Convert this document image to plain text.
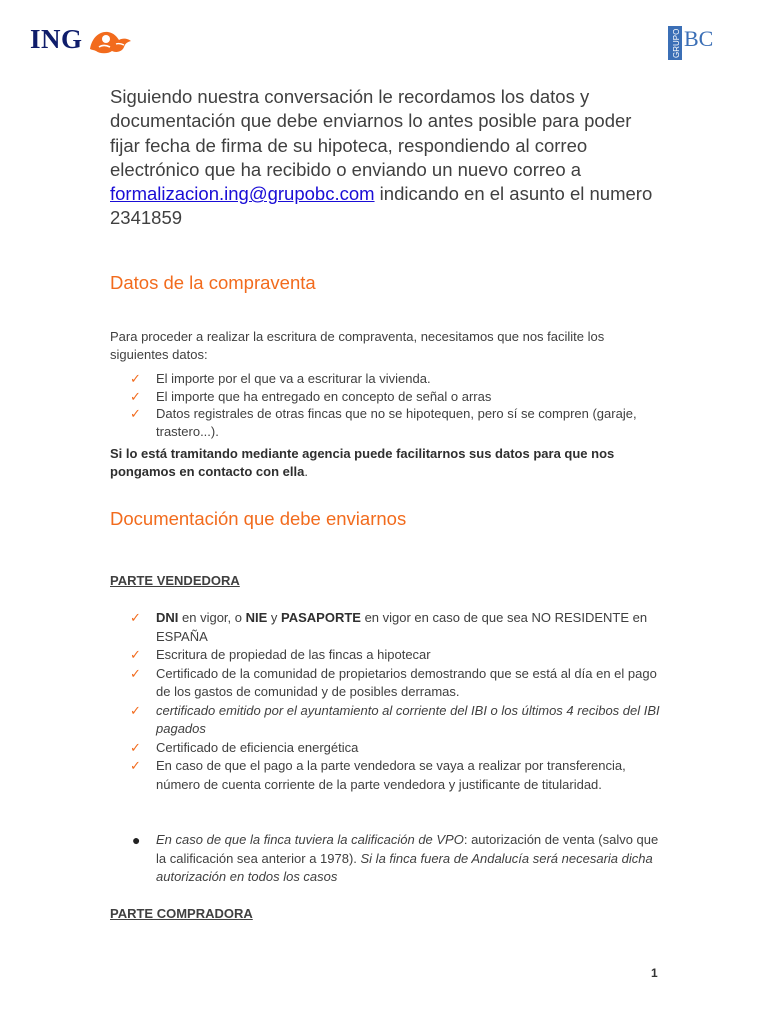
ING	GRUPO BC

Siguiendo nuestra conversación le recordamos los datos y documentación que debe enviarnos lo antes posible para poder fijar fecha de firma de su hipoteca, respondiendo al correo electrónico que ha recibido o enviando un nuevo correo a formalizacion.ing@grupobc.com indicando en el asunto el numero 2341859

Datos de la compraventa

Para proceder a realizar la escritura de compraventa, necesitamos que nos facilite los siguientes datos:

✓ El importe por el que va a escriturar la vivienda.
✓ El importe que ha entregado en concepto de señal o arras
✓ Datos registrales de otras fincas que no se hipotequen, pero sí se compren (garaje, trastero...).

Si lo está tramitando mediante agencia puede facilitarnos sus datos para que nos pongamos en contacto con ella.

Documentación que debe enviarnos

PARTE VENDEDORA

✓ DNI en vigor, o NIE y PASAPORTE en vigor en caso de que sea NO RESIDENTE en ESPAÑA
✓ Escritura de propiedad de las fincas a hipotecar
✓ Certificado de la comunidad de propietarios demostrando que se está al día en el pago de los gastos de comunidad y de posibles derramas.
✓ certificado emitido por el ayuntamiento al corriente del IBI o los últimos 4 recibos del IBI pagados
✓ Certificado de eficiencia energética
✓ En caso de que el pago a la parte vendedora se vaya a realizar por transferencia, número de cuenta corriente de la parte vendedora y justificante de titularidad.
● En caso de que la finca tuviera la calificación de VPO: autorización de venta (salvo que la calificación sea anterior a 1978). Si la finca fuera de Andalucía será necesaria dicha autorización en todos los casos

PARTE COMPRADORA

1
